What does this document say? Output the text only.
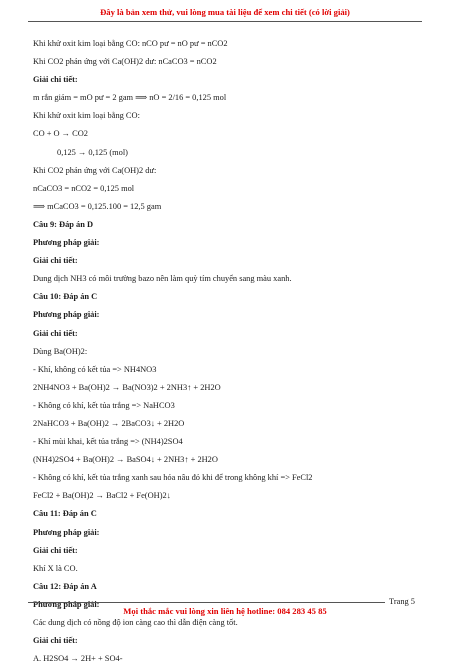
Đây là bản xem thử, vui lòng mua tài liệu để xem chi tiết (có lời giải)
Khi khử oxit kim loại bằng CO: nCO pư = nO pư = nCO2
Khi CO2 phản ứng với Ca(OH)2 dư: nCaCO3 = nCO2
Giải chi tiết:
m rắn giảm = mO pư = 2 gam ⟹ nO = 2/16 = 0,125 mol
Khi khử oxit kim loại bằng CO:
CO + O → CO2
0,125 → 0,125 (mol)
Khi CO2 phản ứng với Ca(OH)2 dư:
nCaCO3 = nCO2 = 0,125 mol
⟹ mCaCO3 = 0,125.100 = 12,5 gam
Câu 9: Đáp án D
Phương pháp giải:
Giải chi tiết:
Dung dịch NH3 có môi trường bazo nên làm quỳ tím chuyển sang màu xanh.
Câu 10: Đáp án C
Phương pháp giải:
Giải chi tiết:
Dùng Ba(OH)2:
- Khí, không có kết tủa => NH4NO3
2NH4NO3 + Ba(OH)2 → Ba(NO3)2 + 2NH3↑ + 2H2O
- Không có khí, kết tủa trắng => NaHCO3
2NaHCO3 + Ba(OH)2 → 2BaCO3↓ + 2H2O
- Khí mùi khai, kết tủa trắng => (NH4)2SO4
(NH4)2SO4 + Ba(OH)2 → BaSO4↓ + 2NH3↑ + 2H2O
- Không có khí, kết tủa trắng xanh sau hóa nâu đỏ khi để trong không khí => FeCl2
FeCl2 + Ba(OH)2 → BaCl2 + Fe(OH)2↓
Câu 11: Đáp án C
Phương pháp giải:
Giải chi tiết:
Khí X là CO.
Câu 12: Đáp án A
Phương pháp giải:
Các dung dịch có nồng độ ion càng cao thì dẫn điện càng tốt.
Giải chi tiết:
A. H2SO4 → 2H+ + SO4-
Trang 5
Mọi thắc mắc vui lòng xin liên hệ hotline: 084 283 45 85
